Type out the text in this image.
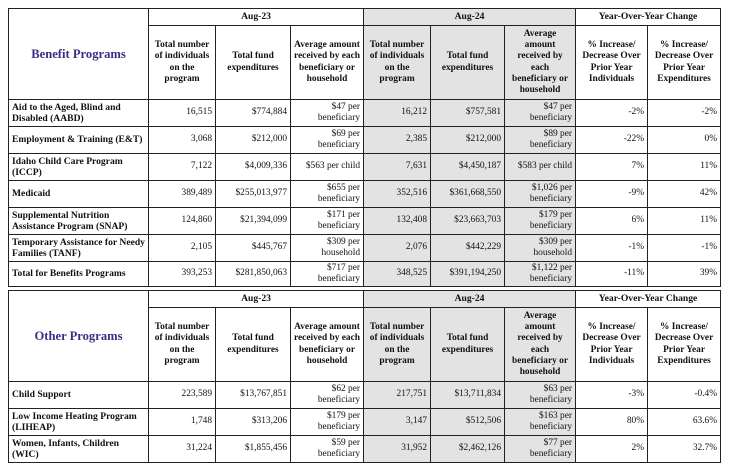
Benefit Programs	Aug-23			Aug-24			Year-Over-Year Change	
	Total number of individuals on the program	Total fund expenditures	Average amount received by each beneficiary or household	Total number of individuals on the program	Total fund expenditures	Average amount received by each beneficiary or household	% Increase/ Decrease Over Prior Year Individuals	% Increase/ Decrease Over Prior Year Expenditures
Aid to the Aged, Blind and Disabled (AABD)	16,515	$774,884	$47 per beneficiary	16,212	$757,581	$47 per beneficiary	-2%	-2%
Employment & Training (E&T)	3,068	$212,000	$69 per beneficiary	2,385	$212,000	$89 per beneficiary	-22%	0%
Idaho Child Care Program (ICCP)	7,122	$4,009,336	$563 per child	7,631	$4,450,187	$583 per child	7%	11%
Medicaid	389,489	$255,013,977	$655 per beneficiary	352,516	$361,668,550	$1,026 per beneficiary	-9%	42%
Supplemental Nutrition Assistance Program (SNAP)	124,860	$21,394,099	$171 per beneficiary	132,408	$23,663,703	$179 per beneficiary	6%	11%
Temporary Assistance for Needy Families (TANF)	2,105	$445,767	$309 per household	2,076	$442,229	$309 per household	-1%	-1%
Total for Benefits Programs	393,253	$281,850,063	$717 per beneficiary	348,525	$391,194,250	$1,122 per beneficiary	-11%	39%
Other Programs	Aug-23			Aug-24			Year-Over-Year Change	
	Total number of individuals on the program	Total fund expenditures	Average amount received by each beneficiary or household	Total number of individuals on the program	Total fund expenditures	Average amount received by each beneficiary or household	% Increase/ Decrease Over Prior Year Individuals	% Increase/ Decrease Over Prior Year Expenditures
Child Support	223,589	$13,767,851	$62 per beneficiary	217,751	$13,711,834	$63 per beneficiary	-3%	-0.4%
Low Income Heating Program (LIHEAP)	1,748	$313,206	$179 per beneficiary	3,147	$512,506	$163 per beneficiary	80%	63.6%
Women, Infants, Children (WIC)	31,224	$1,855,456	$59 per beneficiary	31,952	$2,462,126	$77 per beneficiary	2%	32.7%
